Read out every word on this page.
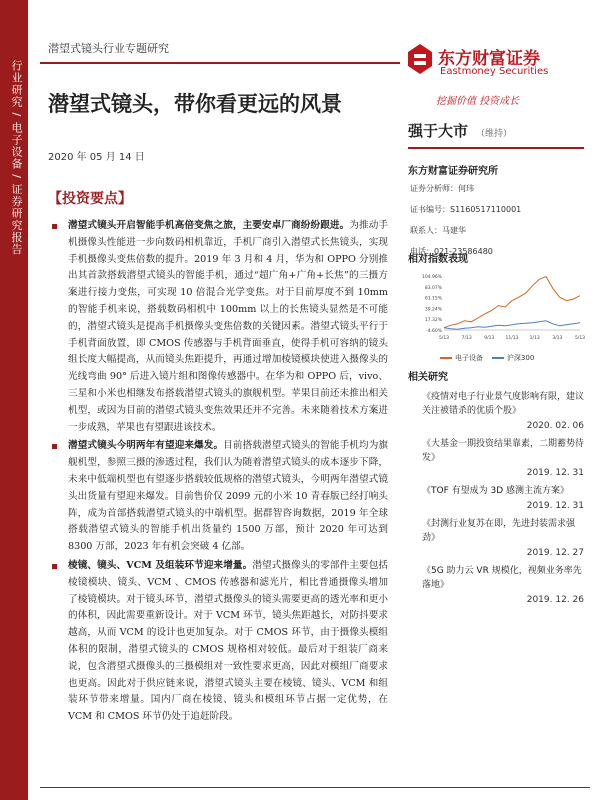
行业研究 / 电子设备 / 证券研究报告
潜望式镜头行业专题研究
东方财富证券
Eastmoney Securities
挖掘价值 投资成长
潜望式镜头，带你看更远的风景
2020 年 05 月 14 日
【投资要点】
潜望式镜头开启智能手机高倍变焦之旅，主要安卓厂商纷纷跟进。为推动手机摄像头性能进一步向数码相机靠近，手机厂商引入潜望式长焦镜头，实现手机摄像头变焦倍数的提升。2019 年 3 月和 4 月，华为和 OPPO 分别推出其首款搭载潜望式镜头的智能手机，通过“超广角+广角+长焦”的三摄方案进行接力变焦，可实现 10 倍混合光学变焦。对于目前厚度不到 10mm 的智能手机来说，搭载数码相机中 100mm 以上的长焦镜头显然是不可能的，潜望式镜头是提高手机摄像头变焦倍数的关键因素。潜望式镜头平行于手机背面放置，即 CMOS 传感器与手机背面垂直，使得手机可容纳的镜头组长度大幅提高，从而镜头焦距提升，再通过增加棱镜模块使进入摄像头的光线弯曲 90° 后进入镜片组和图像传感器中。在华为和 OPPO 后，vivo、三星和小米也相继发布搭载潜望式镜头的旗舰机型。苹果目前还未推出相关机型，或因为目前的潜望式镜头变焦效果还并不完善。未来随着技术方案进一步成熟，苹果也有望跟进该技术。
潜望式镜头今明两年有望迎来爆发。目前搭载潜望式镜头的智能手机均为旗舰机型，参照三摄的渗透过程，我们认为随着潜望式镜头的成本逐步下降，未来中低端机型也有望逐步搭载较低规格的潜望式镜头，今明两年潜望式镜头出货量有望迎来爆发。目前售价仅 2099 元的小米 10 青春版已经打响头阵，成为首部搭载潜望式镜头的中端机型。据群智咨询数据，2019 年全球搭载潜望式镜头的智能手机出货量约 1500 万部，预计 2020 年可达到 8300 万部，2023 年有机会突破 4 亿部。
棱镜、镜头、VCM 及组装环节迎来增量。潜望式摄像头的零部件主要包括棱镜模块、镜头、VCM 、CMOS 传感器和滤光片，相比普通摄像头增加了棱镜模块。对于镜头环节，潜望式摄像头的镜头需要更高的透光率和更小的体积，因此需要重新设计。对于 VCM 环节，镜头焦距越长，对防抖要求越高，从而 VCM 的设计也更加复杂。对于 CMOS 环节，由于摄像头模组体积的限制，潜望式镜头的 CMOS 规格相对较低。最后对于组装厂商来说，包含潜望式摄像头的三摄模组对一致性要求更高，因此对模组厂商要求也更高。因此对于供应链来说，潜望式镜头主要在棱镜、镜头、VCM 和组装环节带来增量。国内厂商在棱镜、镜头和模组环节占据一定优势，在 VCM 和 CMOS 环节仍处于追赶阶段。
强于大市 （维持）
东方财富证券研究所
证券分析师：何玮
证书编号：S1160517110001
联系人：马建华
电话：021-23586480
相对指数表现
104.96%
83.07%
61.15%
39.24%
17.32%
-4.60%
5/13	7/13	9/13 11/13 1/13	3/13	5/13
电子设备	沪深300
相关研究
《疫情对电子行业景气度影响有限，建议关注被错杀的优质个股》
2020. 02. 06
《大基金一期投资结果靠素，二期蓄势待发》
2019. 12. 31
《TOF 有望成为 3D 感测主流方案》
2019. 12. 31
《封测行业复苏在即，先进封装需求强劲》
2019. 12. 27
《5G 助力云 VR 规模化，视频业务率先落地》
2019. 12. 26
